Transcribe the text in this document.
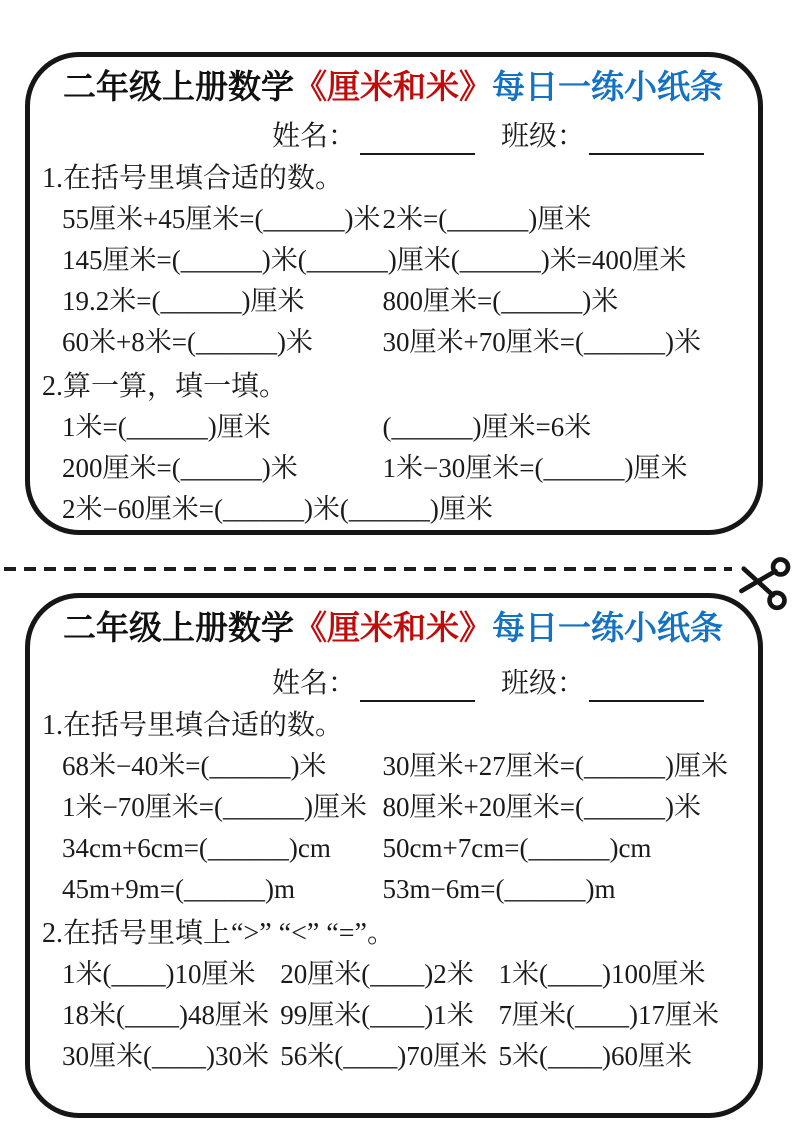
二年级上册数学《厘米和米》每日一练小纸条
姓名：	班级：
1.在括号里填合适的数。
55厘米+45厘米=(______)米 2米=(______)厘米
145厘米=(______)米(______)厘米 (______)米=400厘米
19.2米=(______)厘米	800厘米=(______)米
60米+8米=(______)米	30厘米+70厘米=(______)米
2.算一算，填一填。
1米=(______)厘米	(______)厘米=6米
200厘米=(______)米	1米−30厘米=(______)厘米
2米−60厘米=(______)米(______)厘米
二年级上册数学《厘米和米》每日一练小纸条
姓名：	班级：
1.在括号里填合适的数。
68米−40米=(______)米	30厘米+27厘米=(______)厘米
1米−70厘米=(______)厘米 80厘米+20厘米=(______)米
34cm+6cm=(______)cm	50cm+7cm=(______)cm
45m+9m=(______)m	53m−6m=(______)m
2.在括号里填上“>” “<” “=”。
1米(____)10厘米 20厘米(____)2米 1米(____)100厘米
18米(____)48厘米 99厘米(____)1米 7厘米(____)17厘米
30厘米(____)30米 56米(____)70厘米 5米(____)60厘米
